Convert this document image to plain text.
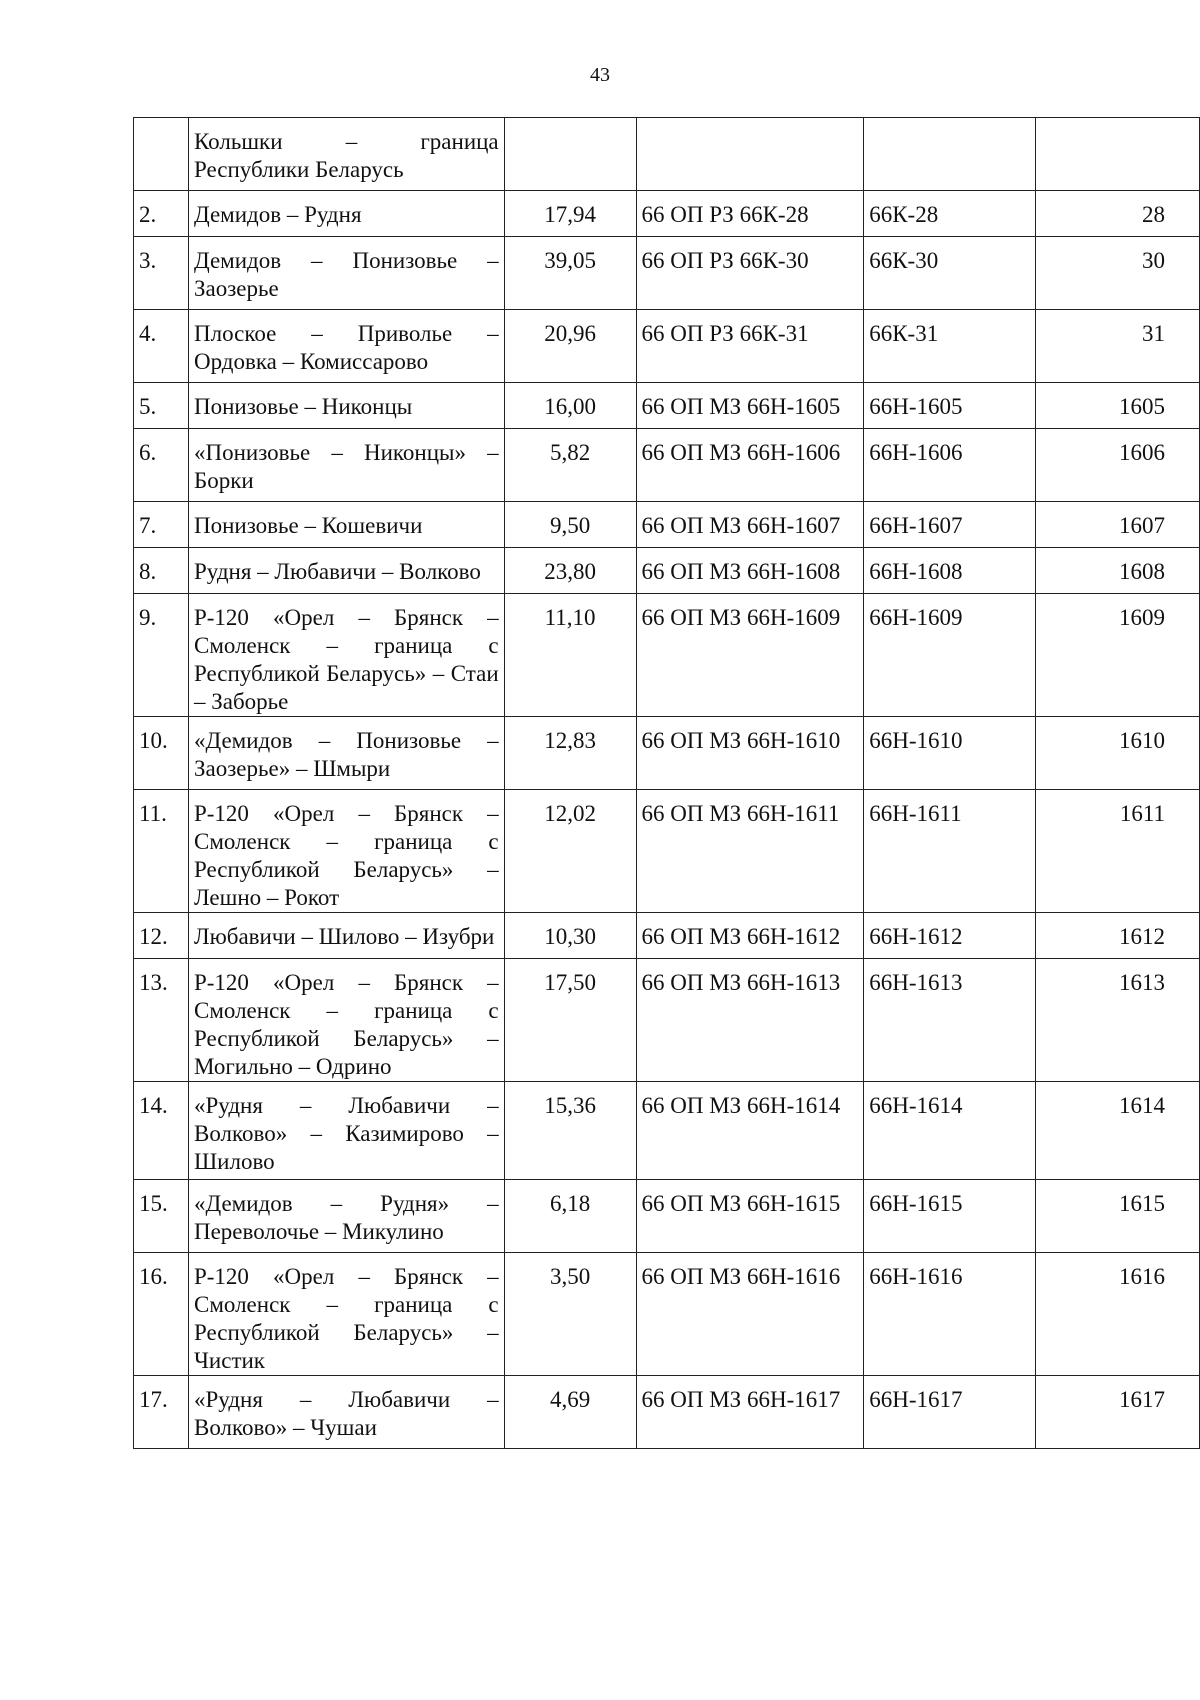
43
	Кольшки – граница Республики Беларусь				
2.	Демидов – Рудня	17,94	66 ОП РЗ 66К-28	66К-28	28
3.	Демидов – Понизовье – Заозерье	39,05	66 ОП РЗ 66К-30	66К-30	30
4.	Плоское – Приволье – Ордовка – Комиссарово	20,96	66 ОП РЗ 66К-31	66К-31	31
5.	Понизовье – Никонцы	16,00	66 ОП МЗ 66Н-1605	66Н-1605	1605
6.	«Понизовье – Никонцы» – Борки	5,82	66 ОП МЗ 66Н-1606	66Н-1606	1606
7.	Понизовье – Кошевичи	9,50	66 ОП МЗ 66Н-1607	66Н-1607	1607
8.	Рудня – Любавичи – Волково	23,80	66 ОП МЗ 66Н-1608	66Н-1608	1608
9.	Р-120 «Орел – Брянск – Смоленск – граница с Республикой Беларусь» – Стаи – Заборье	11,10	66 ОП МЗ 66Н-1609	66Н-1609	1609
10.	«Демидов – Понизовье – Заозерье» – Шмыри	12,83	66 ОП МЗ 66Н-1610	66Н-1610	1610
11.	Р-120 «Орел – Брянск – Смоленск – граница с Республикой Беларусь» – Лешно – Рокот	12,02	66 ОП МЗ 66Н-1611	66Н-1611	1611
12.	Любавичи – Шилово – Изубри	10,30	66 ОП МЗ 66Н-1612	66Н-1612	1612
13.	Р-120 «Орел – Брянск – Смоленск – граница с Республикой Беларусь» – Могильно – Одрино	17,50	66 ОП МЗ 66Н-1613	66Н-1613	1613
14.	«Рудня – Любавичи – Волково» – Казимирово – Шилово	15,36	66 ОП МЗ 66Н-1614	66Н-1614	1614
15.	«Демидов – Рудня» – Переволочье – Микулино	6,18	66 ОП МЗ 66Н-1615	66Н-1615	1615
16.	Р-120 «Орел – Брянск – Смоленск – граница с Республикой Беларусь» – Чистик	3,50	66 ОП МЗ 66Н-1616	66Н-1616	1616
17.	«Рудня – Любавичи – Волково» – Чушаи	4,69	66 ОП МЗ 66Н-1617	66Н-1617	1617
